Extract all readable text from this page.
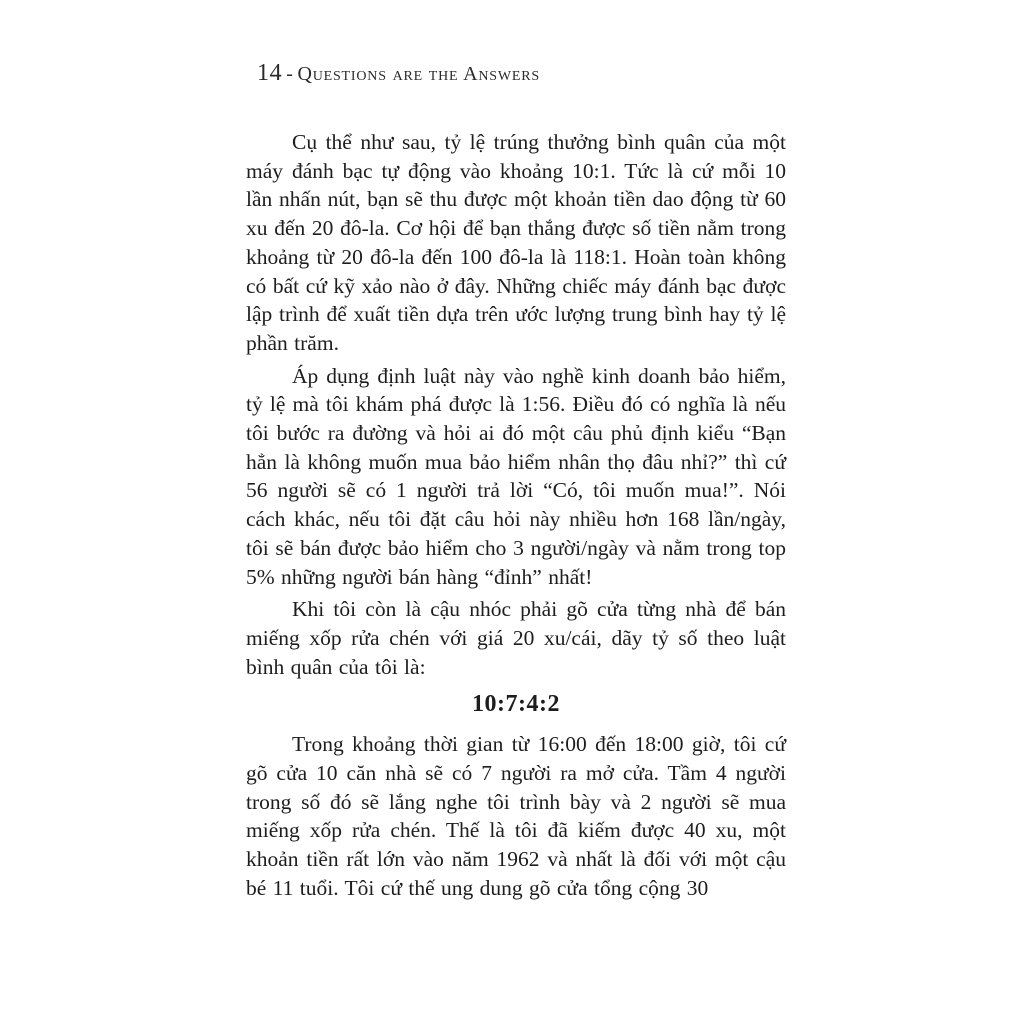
14 - Questions are the Answers

Cụ thể như sau, tỷ lệ trúng thưởng bình quân của một máy đánh bạc tự động vào khoảng 10:1. Tức là cứ mỗi 10 lần nhấn nút, bạn sẽ thu được một khoản tiền dao động từ 60 xu đến 20 đô-la. Cơ hội để bạn thắng được số tiền nằm trong khoảng từ 20 đô-la đến 100 đô-la là 118:1. Hoàn toàn không có bất cứ kỹ xảo nào ở đây. Những chiếc máy đánh bạc được lập trình để xuất tiền dựa trên ước lượng trung bình hay tỷ lệ phần trăm.

Áp dụng định luật này vào nghề kinh doanh bảo hiểm, tỷ lệ mà tôi khám phá được là 1:56. Điều đó có nghĩa là nếu tôi bước ra đường và hỏi ai đó một câu phủ định kiểu “Bạn hẳn là không muốn mua bảo hiểm nhân thọ đâu nhỉ?” thì cứ 56 người sẽ có 1 người trả lời “Có, tôi muốn mua!”. Nói cách khác, nếu tôi đặt câu hỏi này nhiều hơn 168 lần/ngày, tôi sẽ bán được bảo hiểm cho 3 người/ngày và nằm trong top 5% những người bán hàng “đỉnh” nhất!

Khi tôi còn là cậu nhóc phải gõ cửa từng nhà để bán miếng xốp rửa chén với giá 20 xu/cái, dãy tỷ số theo luật bình quân của tôi là:

10:7:4:2

Trong khoảng thời gian từ 16:00 đến 18:00 giờ, tôi cứ gõ cửa 10 căn nhà sẽ có 7 người ra mở cửa. Tầm 4 người trong số đó sẽ lắng nghe tôi trình bày và 2 người sẽ mua miếng xốp rửa chén. Thế là tôi đã kiếm được 40 xu, một khoản tiền rất lớn vào năm 1962 và nhất là đối với một cậu bé 11 tuổi. Tôi cứ thế ung dung gõ cửa tổng cộng 30
